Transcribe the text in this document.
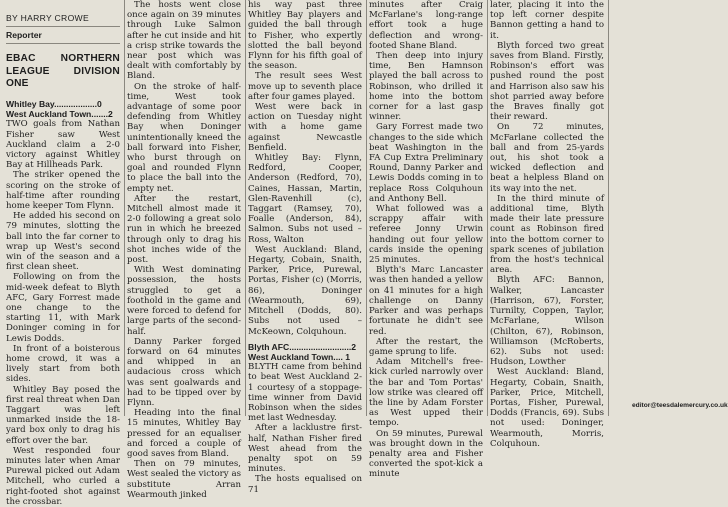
BY HARRY CROWE
Reporter
EBAC NORTHERN LEAGUE DIVISION ONE
Whitley Bay..................0
West Auckland Town.......2

TWO goals from Nathan Fisher saw West Auckland claim a 2-0 victory against Whitley Bay at Hillheads Park.

The striker opened the scoring on the stroke of half-time after rounding home keeper Tom Flynn.

He added his second on 79 minutes, slotting the ball into the far corner to wrap up West's second win of the season and a first clean sheet.

Following on from the mid-week defeat to Blyth AFC, Gary Forrest made one change to the starting 11, with Mark Doninger coming in for Lewis Dodds.

In front of a boisterous home crowd, it was a lively start from both sides.

Whitley Bay posed the first real threat when Dan Taggart was left unmarked inside the 18-yard box only to drag his effort over the bar.

West responded four minutes later when Amar Purewal picked out Adam Mitchell, who curled a right-footed shot against the crossbar.

The hosts went close once again on 39 minutes through Luke Salmon after he cut inside and hit a crisp strike towards the near post which was dealt with comfortably by Bland.

On the stroke of half-time, West took advantage of some poor defending from Whitley Bay when Doninger unintentionally kneed the ball forward into Fisher, who burst through on goal and rounded Flynn to place the ball into the empty net.

After the restart, Mitchell almost made it 2-0 following a great solo run in which he breezed through only to drag his shot inches wide of the post.

With West dominating possession, the hosts struggled to get a foothold in the game and were forced to defend for large parts of the second-half.

Danny Parker forged forward on 64 minutes and whipped in an audacious cross which was sent goalwards and had to be tipped over by Flynn.

Heading into the final 15 minutes, Whitley Bay pressed for an equaliser and forced a couple of good saves from Bland.

Then on 79 minutes, West sealed the victory as substitute Arran Wearmouth jinked

his way past three Whitley Bay players and guided the ball through to Fisher, who expertly slotted the ball beyond Flynn for his fifth goal of the season.

The result sees West move up to seventh place after four games played.

West were back in action on Tuesday night with a home game against Newcastle Benfield.

Whitley Bay: Flynn, Redford, Cooper, Anderson (Redford, 70), Caines, Hassan, Martin, Glen-Ravenhill (c), Taggart (Ramsey, 70), Foalle (Anderson, 84), Salmon. Subs not used – Ross, Walton

West Auckland: Bland, Hegarty, Cobain, Snaith, Parker, Price, Purewal, Portas, Fisher (c) (Morris, 86), Doninger (Wearmouth, 69), Mitchell (Dodds, 80). Subs not used – McKeown, Colquhoun.

Blyth AFC..........................2
West Auckland Town.... 1

BLYTH came from behind to beat West Auckland 2-1 courtesy of a stoppage-time winner from David Robinson when the sides met last Wednesday.

After a lacklustre first-half, Nathan Fisher fired West ahead from the penalty spot on 59 minutes.

The hosts equalised on 71

minutes after Craig McFarlane's long-range effort took a huge deflection and wrong-footed Shane Bland.

Then deep into injury time, Ben Hamnson played the ball across to Robinson, who drilled it home into the bottom corner for a last gasp winner.

Gary Forrest made two changes to the side which beat Washington in the FA Cup Extra Preliminary Round, Danny Parker and Lewis Dodds coming in to replace Ross Colquhoun and Anthony Bell.

What followed was a scrappy affair with referee Jonny Urwin handing out four yellow cards inside the opening 25 minutes.

Blyth's Marc Lancaster was then handed a yellow on 41 minutes for a high challenge on Danny Parker and was perhaps fortunate he didn't see red.

After the restart, the game sprung to life.

Adam Mitchell's free-kick curled narrowly over the bar and Tom Portas' low strike was cleared off the line by Adam Forster as West upped their tempo.

On 59 minutes, Purewal was brought down in the penalty area and Fisher converted the spot-kick a minute

later, placing it into the top left corner despite Bannon getting a hand to it.

Blyth forced two great saves from Bland. Firstly, Robinson's effort was pushed round the post and Harrison also saw his shot parried away before the Braves finally got their reward.

On 72 minutes, McFarlane collected the ball and from 25-yards out, his shot took a wicked deflection and beat a helpless Bland on its way into the net.

In the third minute of additional time, Blyth made their late pressure count as Robinson fired into the bottom corner to spark scenes of jubilation from the host's technical area.

Blyth AFC: Bannon, Walker, Lancaster (Harrison, 67), Forster, Turnilty, Coppen, Taylor, McFarlane, Wilson (Chilton, 67), Robinson, Williamson (McRoberts, 62). Subs not used: Hudson, Lowther

West Auckland: Bland, Hegarty, Cobain, Snaith, Parker, Price, Mitchell, Portas, Fisher, Purewal, Dodds (Francis, 69). Subs not used: Doninger, Wearmouth, Morris, Colquhoun.

editor@teesdalemercury.co.uk
